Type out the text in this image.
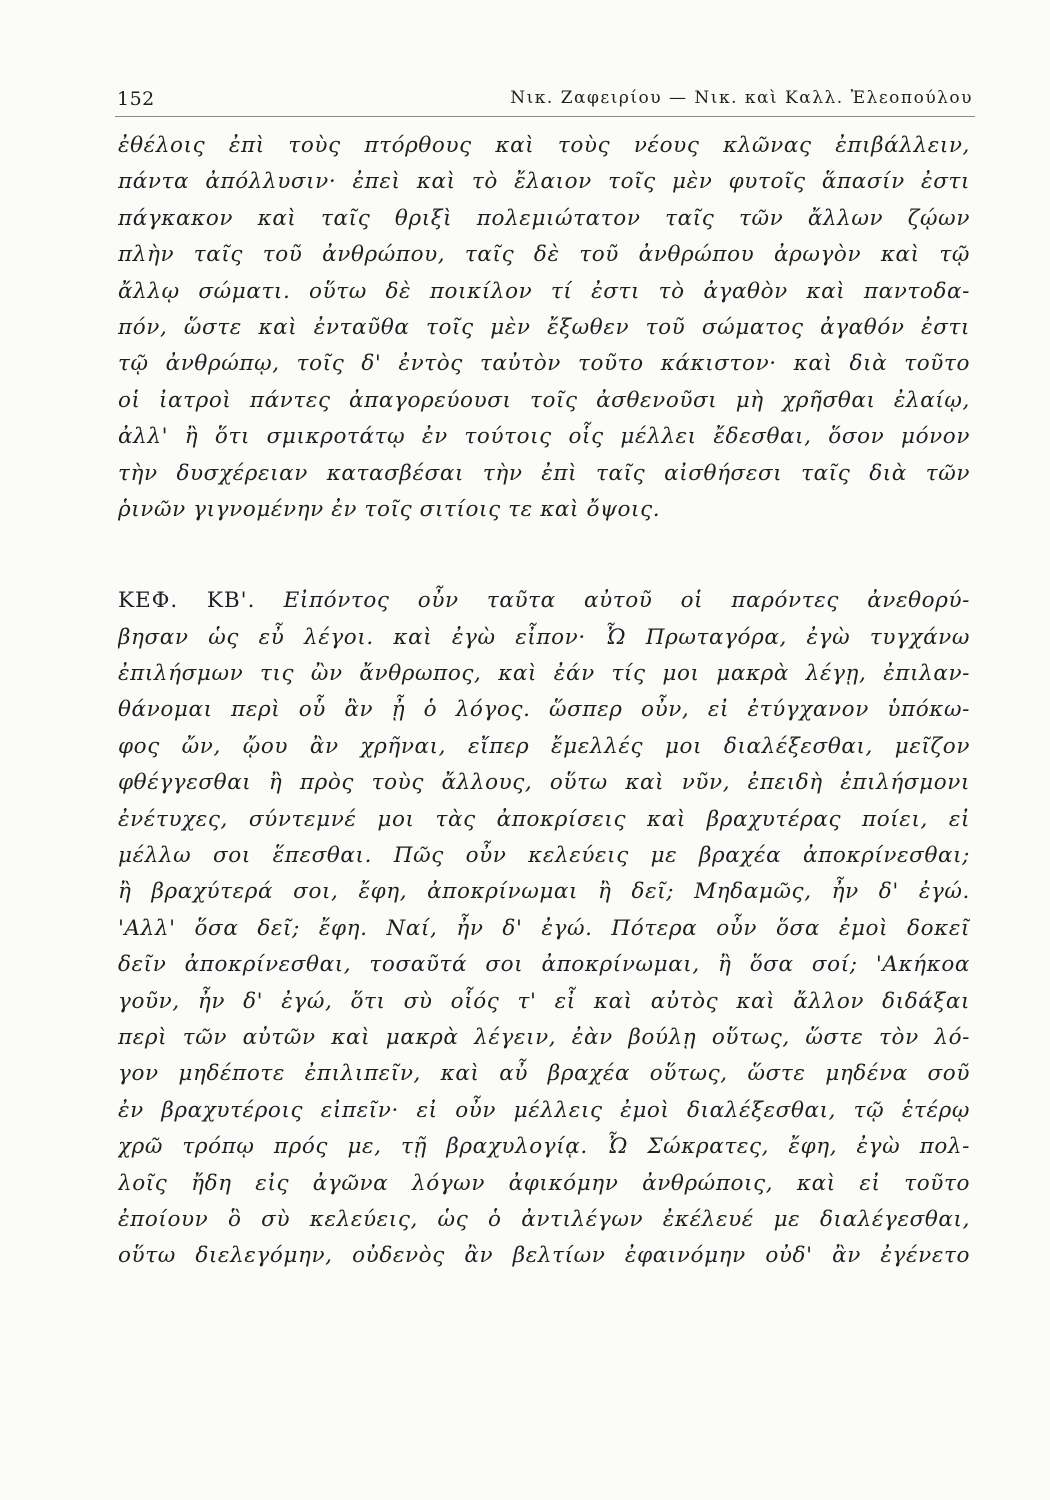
152	Νικ. Ζαφειρίου — Νικ. καὶ Καλλ. Ἐλεοπούλου
ἐθέλοις ἐπὶ τοὺς πτόρθους καὶ τοὺς νέους κλῶνας ἐπιβάλλειν,
πάντα ἀπόλλυσιν· ἐπεὶ καὶ τὸ ἔλαιον τοῖς μὲν φυτοῖς ἅπασίν ἐστι
πάγκακον καὶ ταῖς θριξὶ πολεμιώτατον ταῖς τῶν ἄλλων ζῴων
πλὴν ταῖς τοῦ ἀνθρώπου, ταῖς δὲ τοῦ ἀνθρώπου ἀρωγὸν καὶ τῷ
ἄλλῳ σώματι. οὕτω δὲ ποικίλον τί ἐστι τὸ ἀγαθὸν καὶ παντοδα-
πόν, ὥστε καὶ ἐνταῦθα τοῖς μὲν ἔξωθεν τοῦ σώματος ἀγαθόν ἐστι
τῷ ἀνθρώπῳ, τοῖς δ' ἐντὸς ταὐτὸν τοῦτο κάκιστον· καὶ διὰ τοῦτο
οἱ ἰατροὶ πάντες ἀπαγορεύουσι τοῖς ἀσθενοῦσι μὴ χρῆσθαι ἐλαίῳ,
ἀλλ' ἢ ὅτι σμικροτάτῳ ἐν τούτοις οἷς μέλλει ἔδεσθαι, ὅσον μόνον
τὴν δυσχέρειαν κατασβέσαι τὴν ἐπὶ ταῖς αἰσθήσεσι ταῖς διὰ τῶν
ῥινῶν γιγνομένην ἐν τοῖς σιτίοις τε καὶ ὄψοις.
ΚΕΦ. ΚΒ'. Εἰπόντος οὖν ταῦτα αὐτοῦ οἱ παρόντες ἀνεθορύ-
βησαν ὡς εὖ λέγοι. καὶ ἐγὼ εἶπον· Ὦ Πρωταγόρα, ἐγὼ τυγχάνω
ἐπιλήσμων τις ὢν ἄνθρωπος, καὶ ἐάν τίς μοι μακρὰ λέγῃ, ἐπιλαν-
θάνομαι περὶ οὗ ἂν ᾖ ὁ λόγος. ὥσπερ οὖν, εἰ ἐτύγχανον ὑπόκω-
φος ὤν, ᾤου ἂν χρῆναι, εἴπερ ἔμελλές μοι διαλέξεσθαι, μεῖζον
φθέγγεσθαι ἢ πρὸς τοὺς ἄλλους, οὕτω καὶ νῦν, ἐπειδὴ ἐπιλήσμονι
ἐνέτυχες, σύντεμνέ μοι τὰς ἀποκρίσεις καὶ βραχυτέρας ποίει, εἰ
μέλλω σοι ἕπεσθαι. Πῶς οὖν κελεύεις με βραχέα ἀποκρίνεσθαι;
ἢ βραχύτερά σοι, ἔφη, ἀποκρίνωμαι ἢ δεῖ; Μηδαμῶς, ἦν δ' ἐγώ.
'Αλλ' ὅσα δεῖ; ἔφη. Ναί, ἦν δ' ἐγώ. Πότερα οὖν ὅσα ἐμοὶ δοκεῖ
δεῖν ἀποκρίνεσθαι, τοσαῦτά σοι ἀποκρίνωμαι, ἢ ὅσα σοί; 'Ακήκοα
γοῦν, ἦν δ' ἐγώ, ὅτι σὺ οἷός τ' εἶ καὶ αὐτὸς καὶ ἄλλον διδάξαι
περὶ τῶν αὐτῶν καὶ μακρὰ λέγειν, ἐὰν βούλῃ οὕτως, ὥστε τὸν λό-
γον μηδέποτε ἐπιλιπεῖν, καὶ αὖ βραχέα οὕτως, ὥστε μηδένα σοῦ
ἐν βραχυτέροις εἰπεῖν· εἰ οὖν μέλλεις ἐμοὶ διαλέξεσθαι, τῷ ἑτέρῳ
χρῶ τρόπῳ πρός με, τῇ βραχυλογίᾳ. Ὦ Σώκρατες, ἔφη, ἐγὼ πολ-
λοῖς ἤδη εἰς ἀγῶνα λόγων ἀφικόμην ἀνθρώποις, καὶ εἰ τοῦτο
ἐποίουν ὃ σὺ κελεύεις, ὡς ὁ ἀντιλέγων ἐκέλευέ με διαλέγεσθαι,
οὕτω διελεγόμην, οὐδενὸς ἂν βελτίων ἐφαινόμην οὐδ' ἂν ἐγένετο
